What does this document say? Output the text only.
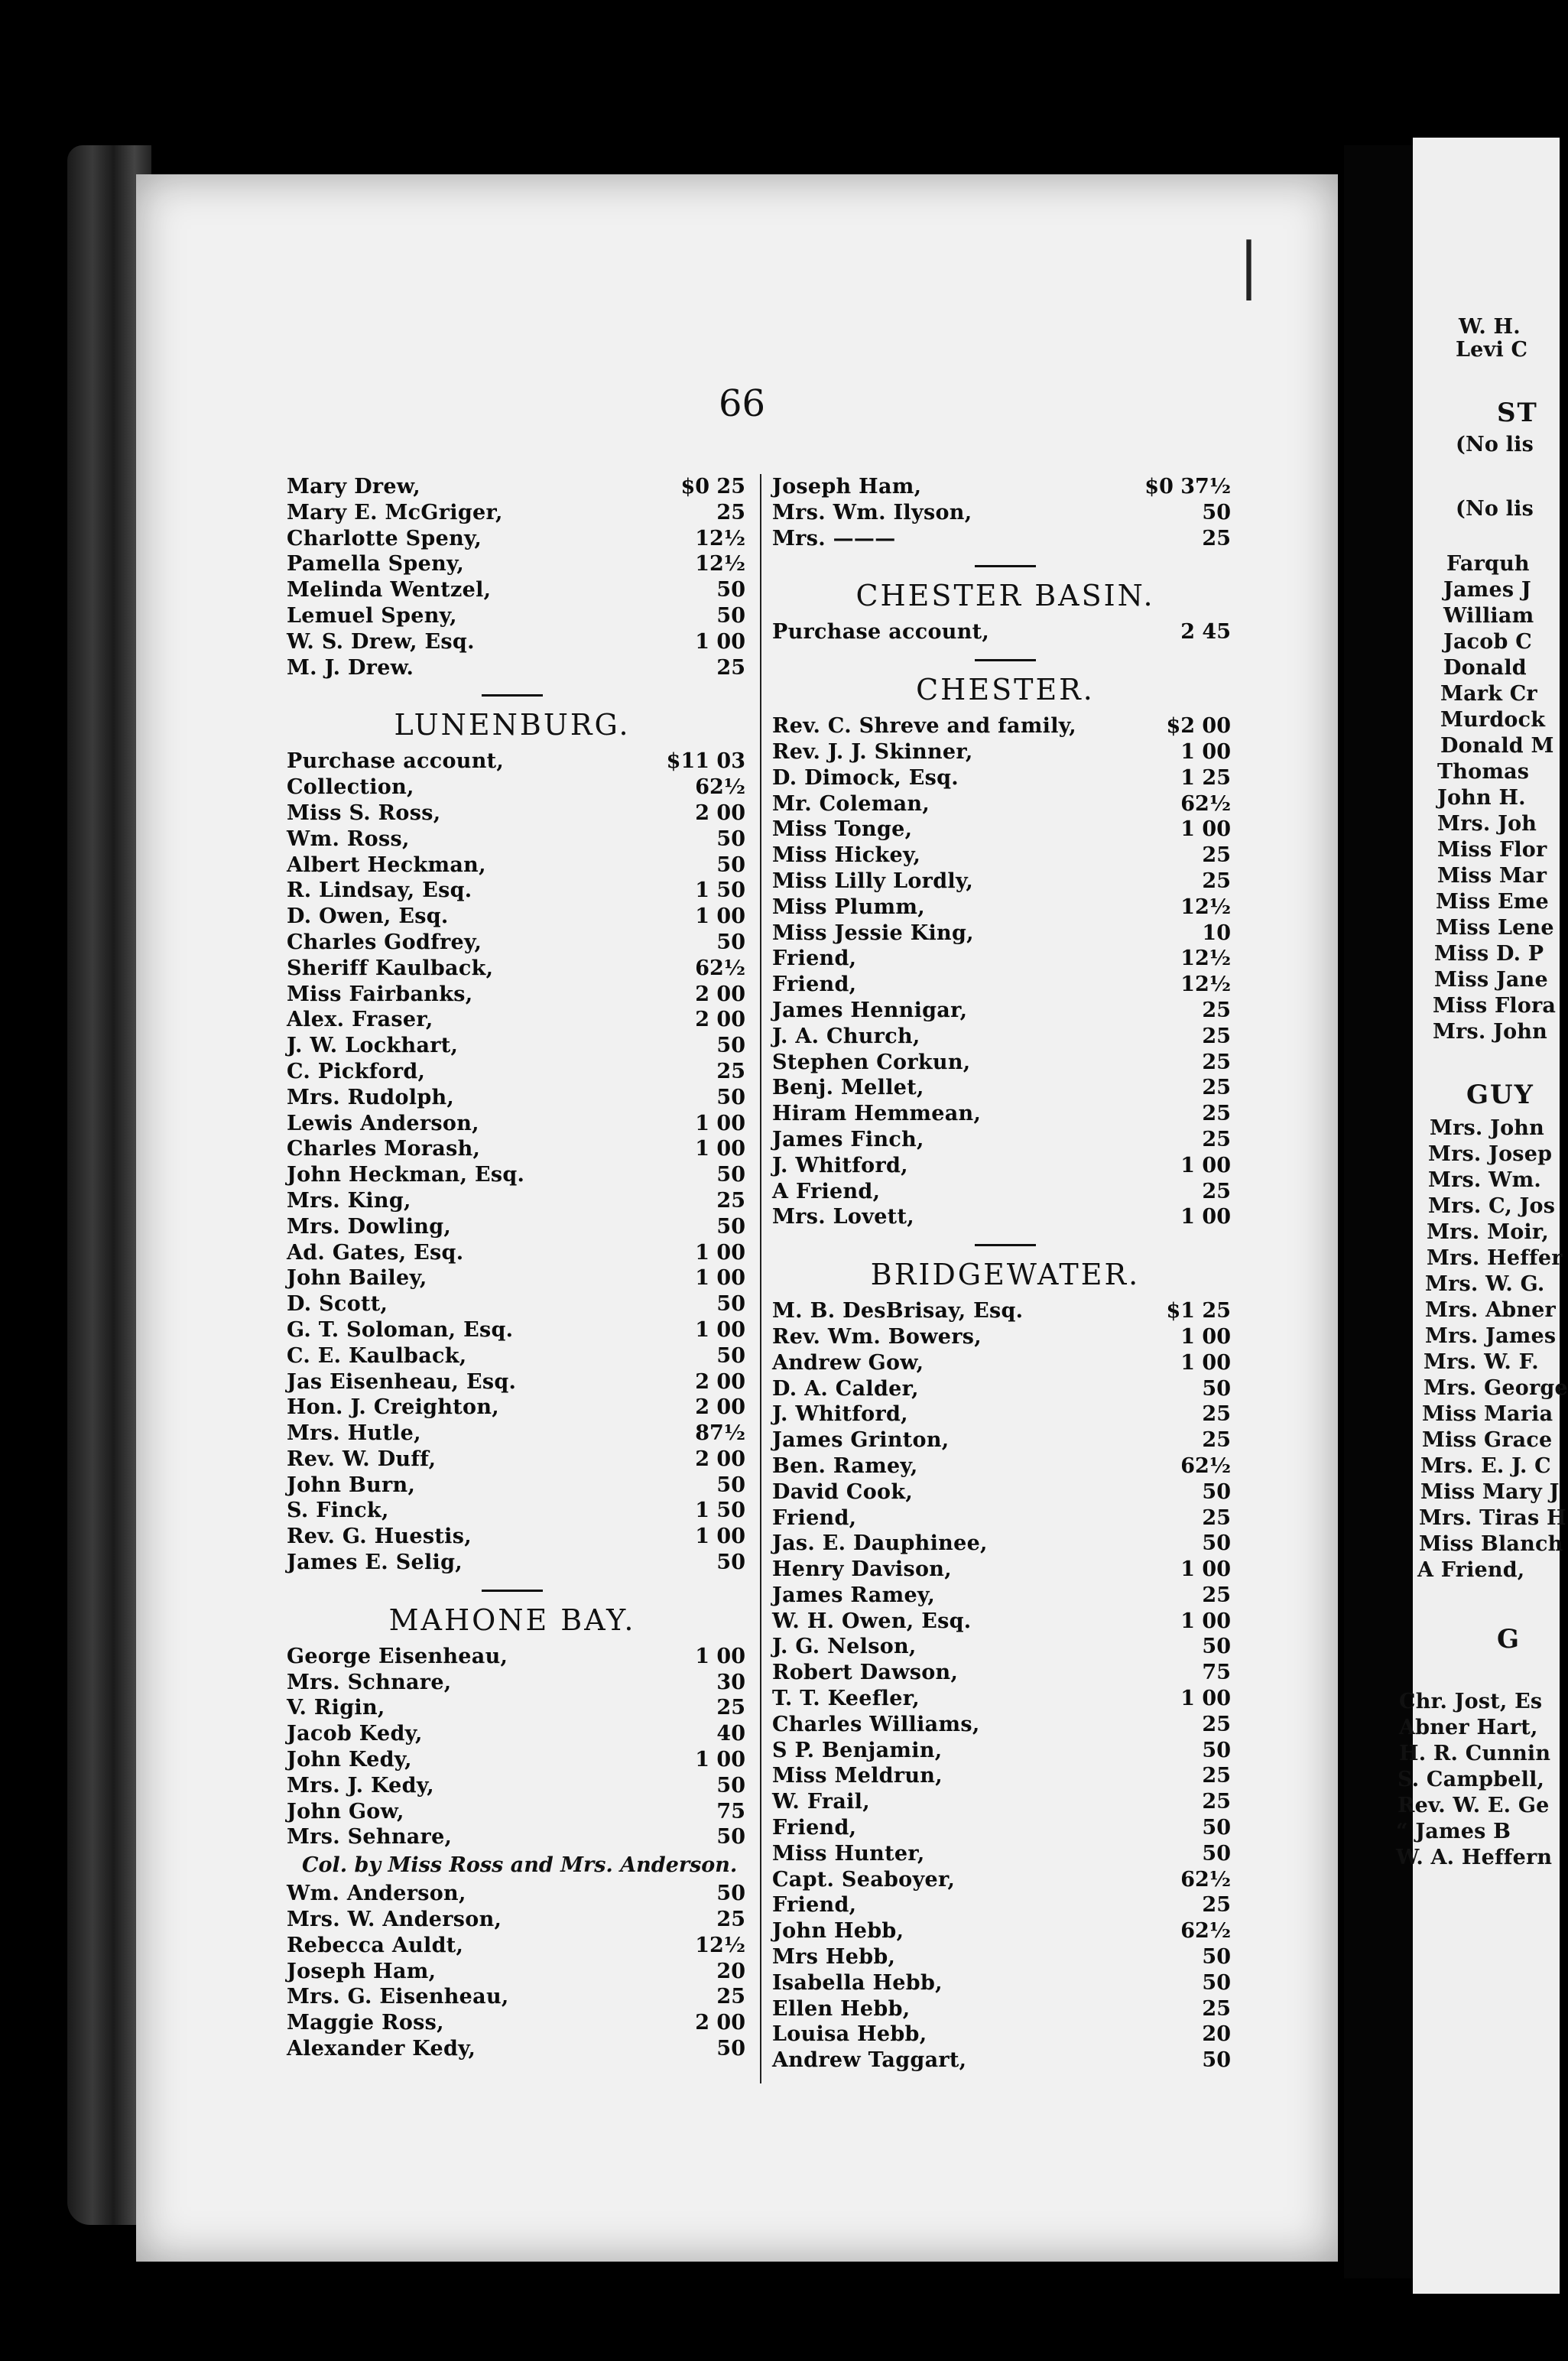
W. H.
Levi C
ST
(No lis
(No lis
Farquh
James J
William
Jacob C
Donald
Mark Cr
Murdock
Donald M
Thomas
John H.
Mrs. Joh
Miss Flor
Miss Mar
Miss Eme
Miss Lene
Miss D. P
Miss Jane
Miss Flora
Mrs. John
GUY
Mrs. John
Mrs. Josep
Mrs. Wm.
Mrs. C, Jos
Mrs. Moir,
Mrs. Heffer
Mrs. W. G.
Mrs. Abner
Mrs. James
Mrs. W. F.
Mrs. George
Miss Maria
Miss Grace
Mrs. E. J. C
Miss Mary J
Mrs. Tiras H
Miss Blanch
A Friend,
G
Chr. Jost, Es
Abner Hart,
H. R. Cunnin
S. Campbell,
Rev. W. E. Ge
“ James B
W. A. Heffern
|
66
Mary Drew,	$0 25
Mary E. McGriger,	25
Charlotte Speny,	12½
Pamella Speny,	12½
Melinda Wentzel,	50
Lemuel Speny,	50
W. S. Drew, Esq.	1 00
M. J. Drew.	25
LUNENBURG.
Purchase account,	$11 03
Collection,	62½
Miss S. Ross,	2 00
Wm. Ross,	50
Albert Heckman,	50
R. Lindsay, Esq.	1 50
D. Owen, Esq.	1 00
Charles Godfrey,	50
Sheriff Kaulback,	62½
Miss Fairbanks,	2 00
Alex. Fraser,	2 00
J. W. Lockhart,	50
C. Pickford,	25
Mrs. Rudolph,	50
Lewis Anderson,	1 00
Charles Morash,	1 00
John Heckman, Esq.	50
Mrs. King,	25
Mrs. Dowling,	50
Ad. Gates, Esq.	1 00
John Bailey,	1 00
D. Scott,	50
G. T. Soloman, Esq.	1 00
C. E. Kaulback,	50
Jas Eisenheau, Esq.	2 00
Hon. J. Creighton,	2 00
Mrs. Hutle,	87½
Rev. W. Duff,	2 00
John Burn,	50
S. Finck,	1 50
Rev. G. Huestis,	1 00
James E. Selig,	50
MAHONE BAY.
George Eisenheau,	1 00
Mrs. Schnare,	30
V. Rigin,	25
Jacob Kedy,	40
John Kedy,	1 00
Mrs. J. Kedy,	50
John Gow,	75
Mrs. Sehnare,	50
Col. by Miss Ross and Mrs. Anderson.
Wm. Anderson,	50
Mrs. W. Anderson,	25
Rebecca Auldt,	12½
Joseph Ham,	20
Mrs. G. Eisenheau,	25
Maggie Ross,	2 00
Alexander Kedy,	50
Joseph Ham,	$0 37½
Mrs. Wm. Ilyson,	50
Mrs. ———	25
CHESTER BASIN.
Purchase account,	2 45
CHESTER.
Rev. C. Shreve and family,	$2 00
Rev. J. J. Skinner,	1 00
D. Dimock, Esq.	1 25
Mr. Coleman,	62½
Miss Tonge,	1 00
Miss Hickey,	25
Miss Lilly Lordly,	25
Miss Plumm,	12½
Miss Jessie King,	10
Friend,	12½
Friend,	12½
James Hennigar,	25
J. A. Church,	25
Stephen Corkun,	25
Benj. Mellet,	25
Hiram Hemmean,	25
James Finch,	25
J. Whitford,	1 00
A Friend,	25
Mrs. Lovett,	1 00
BRIDGEWATER.
M. B. DesBrisay, Esq.	$1 25
Rev. Wm. Bowers,	1 00
Andrew Gow,	1 00
D. A. Calder,	50
J. Whitford,	25
James Grinton,	25
Ben. Ramey,	62½
David Cook,	50
Friend,	25
Jas. E. Dauphinee,	50
Henry Davison,	1 00
James Ramey,	25
W. H. Owen, Esq.	1 00
J. G. Nelson,	50
Robert Dawson,	75
T. T. Keefler,	1 00
Charles Williams,	25
S P. Benjamin,	50
Miss Meldrun,	25
W. Frail,	25
Friend,	50
Miss Hunter,	50
Capt. Seaboyer,	62½
Friend,	25
John Hebb,	62½
Mrs Hebb,	50
Isabella Hebb,	50
Ellen Hebb,	25
Louisa Hebb,	20
Andrew Taggart,	50
